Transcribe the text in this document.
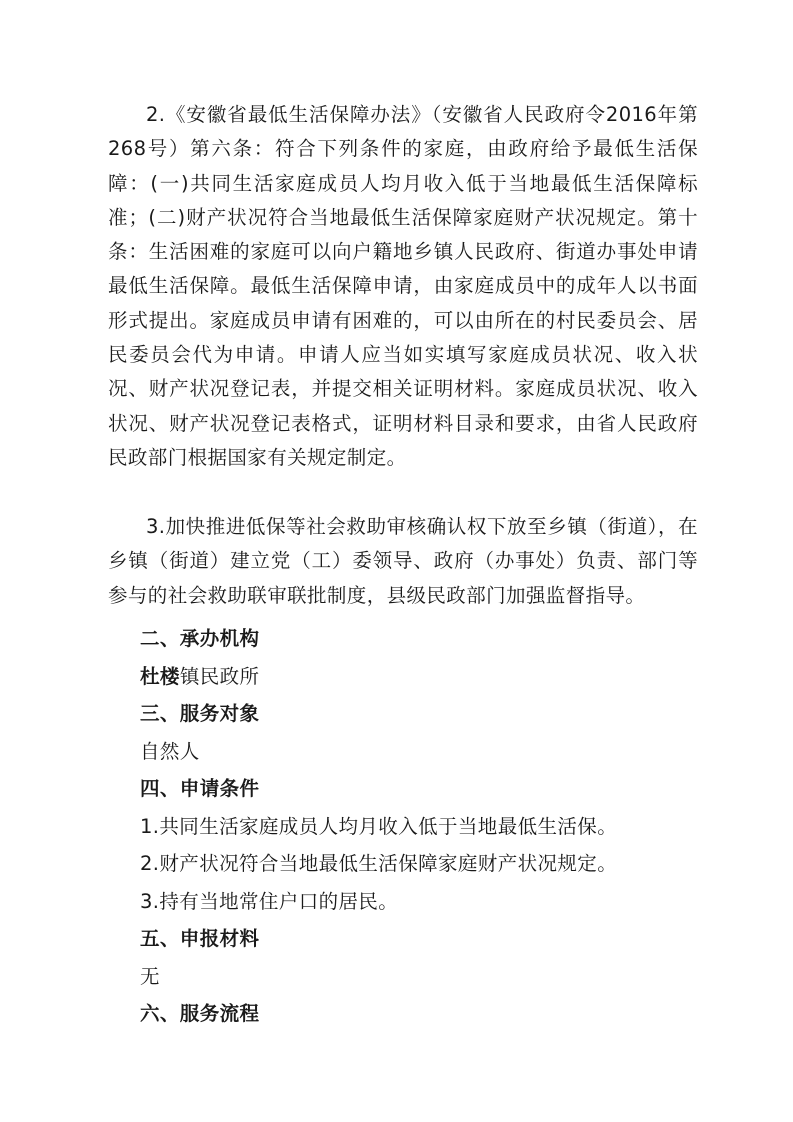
2.《安徽省最低生活保障办法》（安徽省人民政府令2016年第268号）第六条：符合下列条件的家庭，由政府给予最低生活保障：(一)共同生活家庭成员人均月收入低于当地最低生活保障标准；(二)财产状况符合当地最低生活保障家庭财产状况规定。第十条：生活困难的家庭可以向户籍地乡镇人民政府、街道办事处申请最低生活保障。最低生活保障申请，由家庭成员中的成年人以书面形式提出。家庭成员申请有困难的，可以由所在的村民委员会、居民委员会代为申请。申请人应当如实填写家庭成员状况、收入状况、财产状况登记表，并提交相关证明材料。家庭成员状况、收入状况、财产状况登记表格式，证明材料目录和要求，由省人民政府民政部门根据国家有关规定制定。

3.加快推进低保等社会救助审核确认权下放至乡镇（街道），在乡镇（街道）建立党（工）委领导、政府（办事处）负责、部门等参与的社会救助联审联批制度，县级民政部门加强监督指导。

二、承办机构

杜楼镇民政所

三、服务对象

自然人

四、申请条件

1.共同生活家庭成员人均月收入低于当地最低生活保。

2.财产状况符合当地最低生活保障家庭财产状况规定。

3.持有当地常住户口的居民。

五、申报材料

无

六、服务流程
